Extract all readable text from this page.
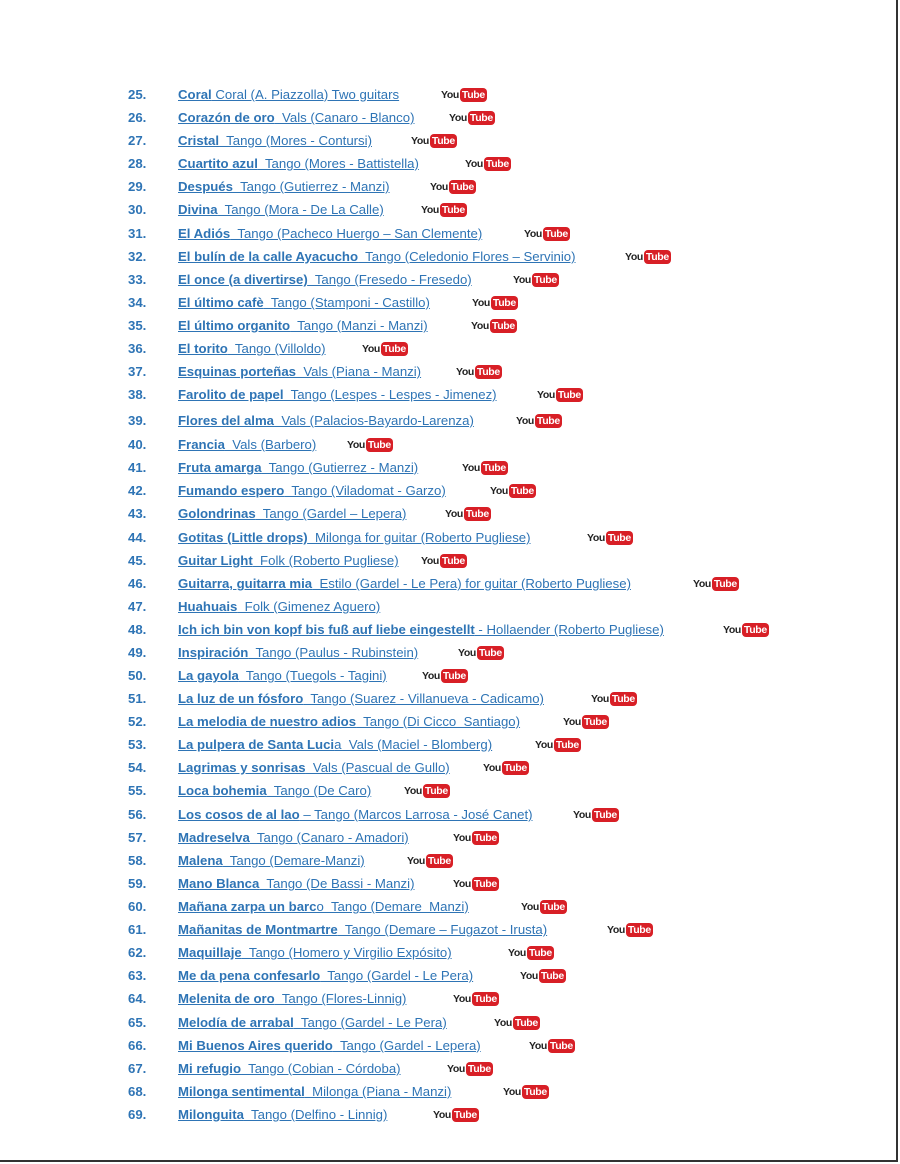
25.	Coral Coral (A. Piazzolla) Two guitars	You Tube
26.	Corazón de oro  Vals (Canaro - Blanco)	You Tube
27.	Cristal  Tango (Mores - Contursi)	You Tube
28.	Cuartito azul  Tango (Mores - Battistella)	You Tube
29.	Después  Tango (Gutierrez - Manzi)	You Tube
30.	Divina  Tango (Mora - De La Calle)	You Tube
31.	El Adiós  Tango (Pacheco Huergo – San Clemente)	You Tube
32.	El bulín de la calle Ayacucho  Tango (Celedonio Flores – Servinio)	You Tube
33.	El once (a divertirse)  Tango (Fresedo - Fresedo)	You Tube
34.	El último cafè  Tango (Stamponi - Castillo)	You Tube
35.	El último organito  Tango (Manzi - Manzi)	You Tube
36.	El torito  Tango (Villoldo)	You Tube
37.	Esquinas porteñas  Vals (Piana - Manzi)	You Tube
38.	Farolito de papel  Tango (Lespes - Lespes - Jimenez)	You Tube
39.	Flores del alma  Vals (Palacios-Bayardo-Larenza)	You Tube
40.	Francia  Vals (Barbero)	You Tube
41.	Fruta amarga  Tango (Gutierrez - Manzi)	You Tube
42.	Fumando espero  Tango (Viladomat - Garzo)	You Tube
43.	Golondrinas  Tango (Gardel – Lepera)	You Tube
44.	Gotitas (Little drops)  Milonga for guitar (Roberto Pugliese)	You Tube
45.	Guitar Light  Folk (Roberto Pugliese) You Tube
46.	Guitarra, guitarra mia  Estilo (Gardel - Le Pera) for guitar (Roberto Pugliese)	You Tube
47.	Huahuais  Folk (Gimenez Aguero)
48.	Ich ich bin von kopf bis fuß auf liebe eingestellt - Hollaender (Roberto Pugliese)	You Tube
49.	Inspiración  Tango (Paulus - Rubinstein)	You Tube
50.	La gayola  Tango (Tuegols - Tagini)	You Tube
51.	La luz de un fósforo  Tango (Suarez - Villanueva - Cadicamo)	You Tube
52.	La melodia de nuestro adios  Tango (Di Cicco  Santiago)	You Tube
53.	La pulpera de Santa Lucia  Vals (Maciel - Blomberg)	You Tube
54.	Lagrimas y sonrisas  Vals (Pascual de Gullo)	You Tube
55.	Loca bohemia  Tango (De Caro)	You Tube
56.	Los cosos de al lao – Tango (Marcos Larrosa - José Canet)	You Tube
57.	Madreselva  Tango (Canaro - Amadori)	You Tube
58.	Malena  Tango (Demare-Manzi)	You Tube
59.	Mano Blanca  Tango (De Bassi - Manzi)	You Tube
60.	Mañana zarpa un barco  Tango (Demare  Manzi)	You Tube
61.	Mañanitas de Montmartre  Tango (Demare – Fugazot - Irusta)	You Tube
62.	Maquillaje  Tango (Homero y Virgilio Expósito)	You Tube
63.	Me da pena confesarlo  Tango (Gardel - Le Pera)	You Tube
64.	Melenita de oro  Tango (Flores-Linnig)	You Tube
65.	Melodía de arrabal  Tango (Gardel - Le Pera)	You Tube
66.	Mi Buenos Aires querido  Tango (Gardel - Lepera)	You Tube
67.	Mi refugio  Tango (Cobian - Córdoba)	You Tube
68.	Milonga sentimental  Milonga (Piana - Manzi)	You Tube
69.	Milonguita  Tango (Delfino - Linnig)	You Tube
